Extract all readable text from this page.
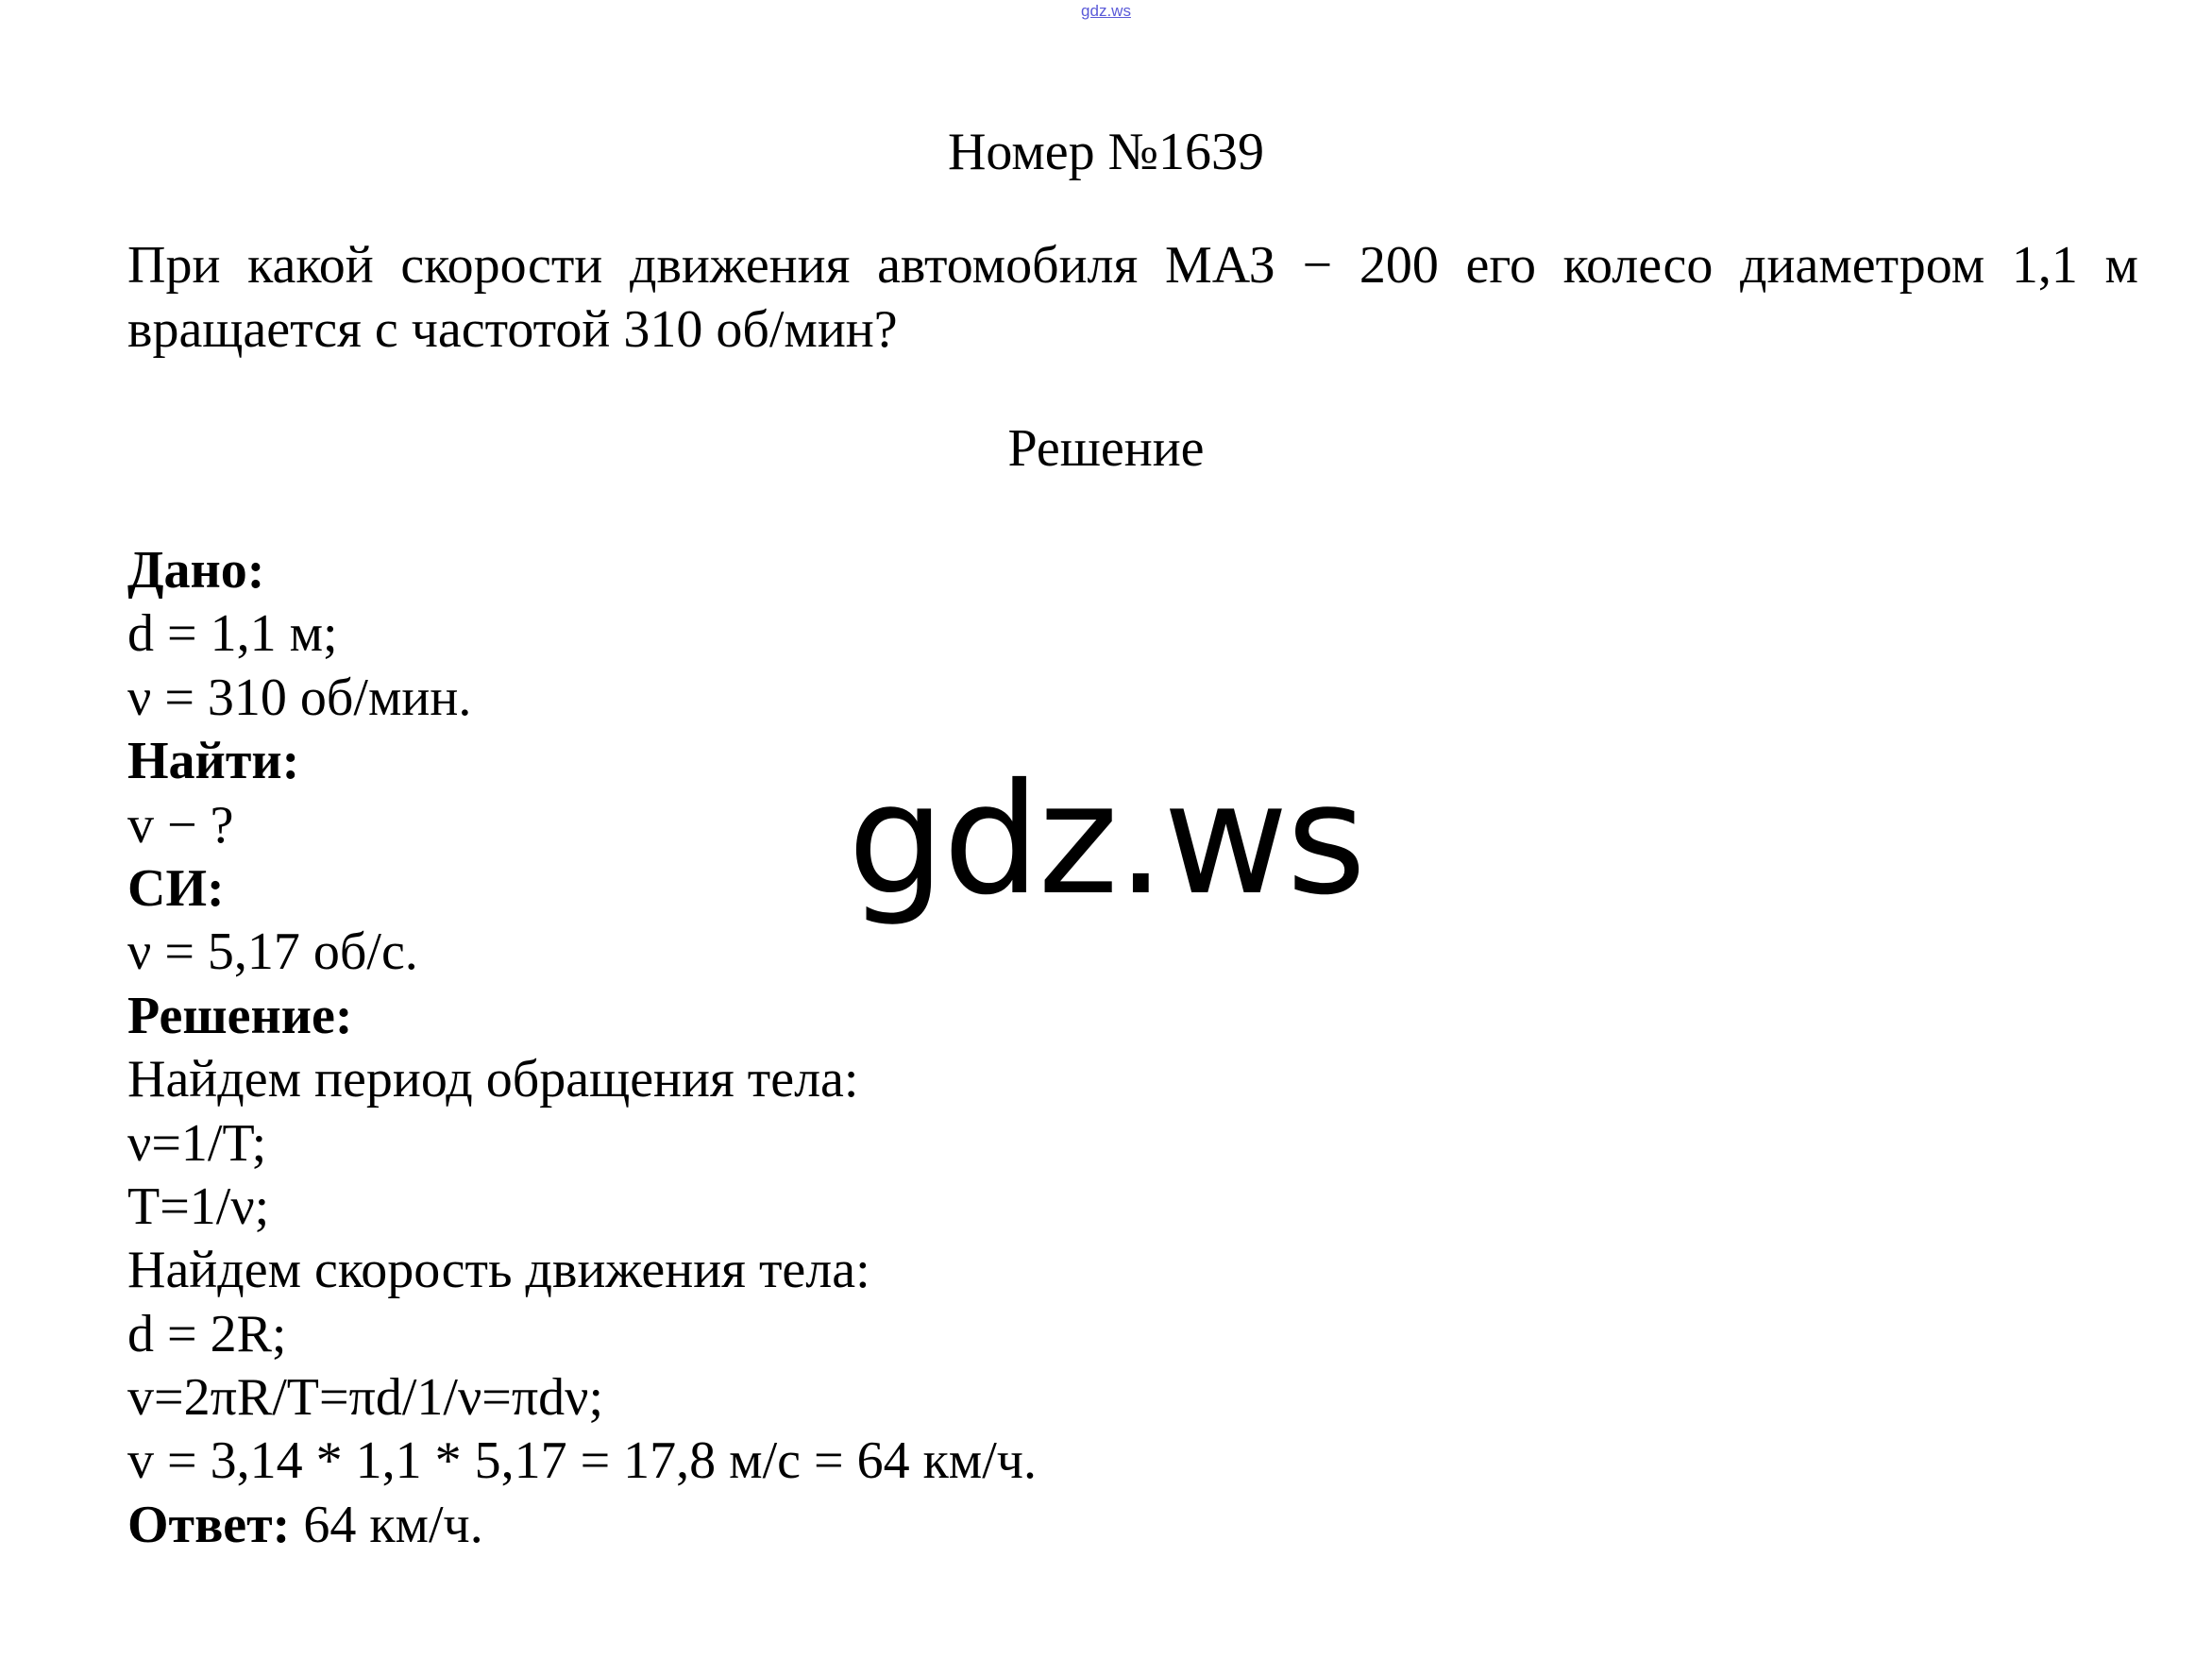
gdz.ws
Номер №1639
При какой скорости движения автомобиля МАЗ − 200 его колесо диаметром 1,1 м вращается с частотой 310 об/мин?
Решение
Дано:
d = 1,1 м;
ν = 310 об/мин.
Найти:
v − ?
СИ:
ν = 5,17 об/с.
Решение:
Найдем период обращения тела:
ν=1/T;
T=1/ν;
Найдем скорость движения тела:
d = 2R;
v=2πR/T=πd/1/ν=πdν;
v = 3,14 * 1,1 * 5,17 = 17,8 м/с = 64 км/ч.
Ответ: 64 км/ч.
gdz.ws
